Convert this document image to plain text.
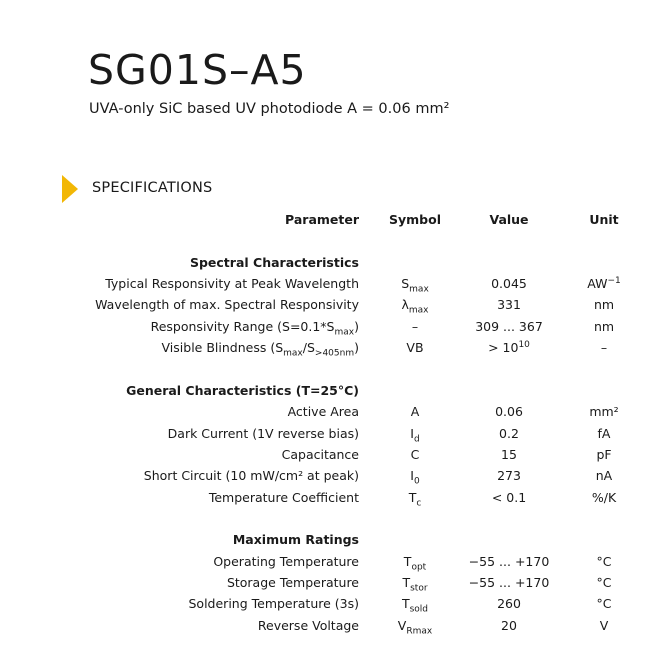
SG01S–A5
UVA-only SiC based UV photodiode A = 0.06 mm²
SPECIFICATIONS
Parameter Symbol	Value	Unit
Spectral Characteristics
Typical Responsivity at Peak Wavelength	$S_{max}$	0.045	$AW^{-1}$
Wavelength of max. Spectral Responsivity	$\lambda_{max}$	331	nm
Responsivity Range $(S=0.1*S_{max})$	–	309 ... 367	nm
Visible Blindness $(S_{max}/S_{>405nm})$	VB	> $10^{10}$	–
General Characteristics (T=25°C)
Active Area	A	0.06	mm²
Dark Current (1V reverse bias)	$I_d$	0.2	fA
Capacitance	C	15	pF
Short Circuit (10 mW/cm² at peak)	$I_0$	273	nA
Temperature Coefficient	$T_c$	< 0.1	%/K
Maximum Ratings
Operating Temperature	$T_{opt}$	−55 ... +170	°C
Storage Temperature	$T_{stor}$	−55 ... +170	°C
Soldering Temperature (3s)	$T_{sold}$	260	°C
Reverse Voltage	$V_{Rmax}$	20	V
